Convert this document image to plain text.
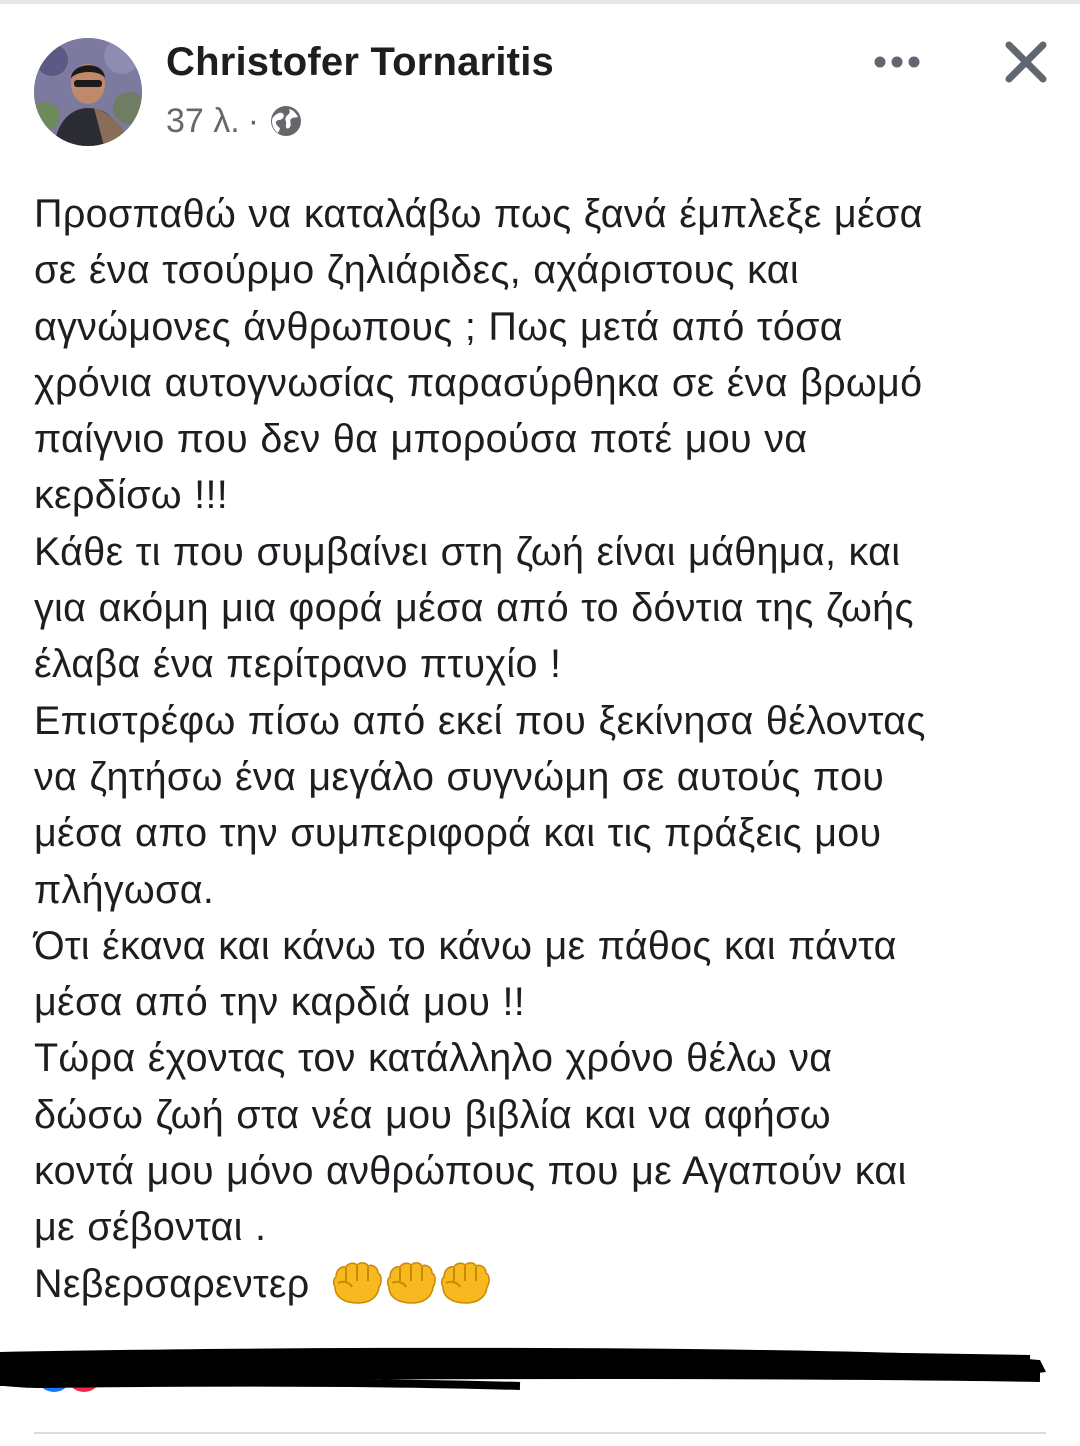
Christofer Tornaritis
37 λ. ·
Προσπαθώ να καταλάβω πως ξανά έμπλεξε μέσα
σε ένα τσούρμο ζηλιάριδες, αχάριστους και
αγνώμονες άνθρωπους ; Πως μετά από τόσα
χρόνια αυτογνωσίας παρασύρθηκα σε ένα βρωμό
παίγνιο που δεν θα μπορούσα ποτέ μου να
κερδίσω !!!
Κάθε τι που συμβαίνει στη ζωή είναι μάθημα, και
για ακόμη μια φορά μέσα από το δόντια της ζωής
έλαβα ένα περίτρανο πτυχίο !
Επιστρέφω πίσω από εκεί που ξεκίνησα θέλοντας
να ζητήσω ένα μεγάλο συγνώμη σε αυτούς που
μέσα απο την συμπεριφορά και τις πράξεις μου
πλήγωσα.
Ότι έκανα και κάνω το κάνω με πάθος και πάντα
μέσα από την καρδιά μου !!
Τώρα έχοντας τον κατάλληλο χρόνο θέλω να
δώσω ζωή στα νέα μου βιβλία και να αφήσω
κοντά μου μόνο ανθρώπους που με Αγαπούν και
με σέβονται .
Νεβερσαρεντερ
